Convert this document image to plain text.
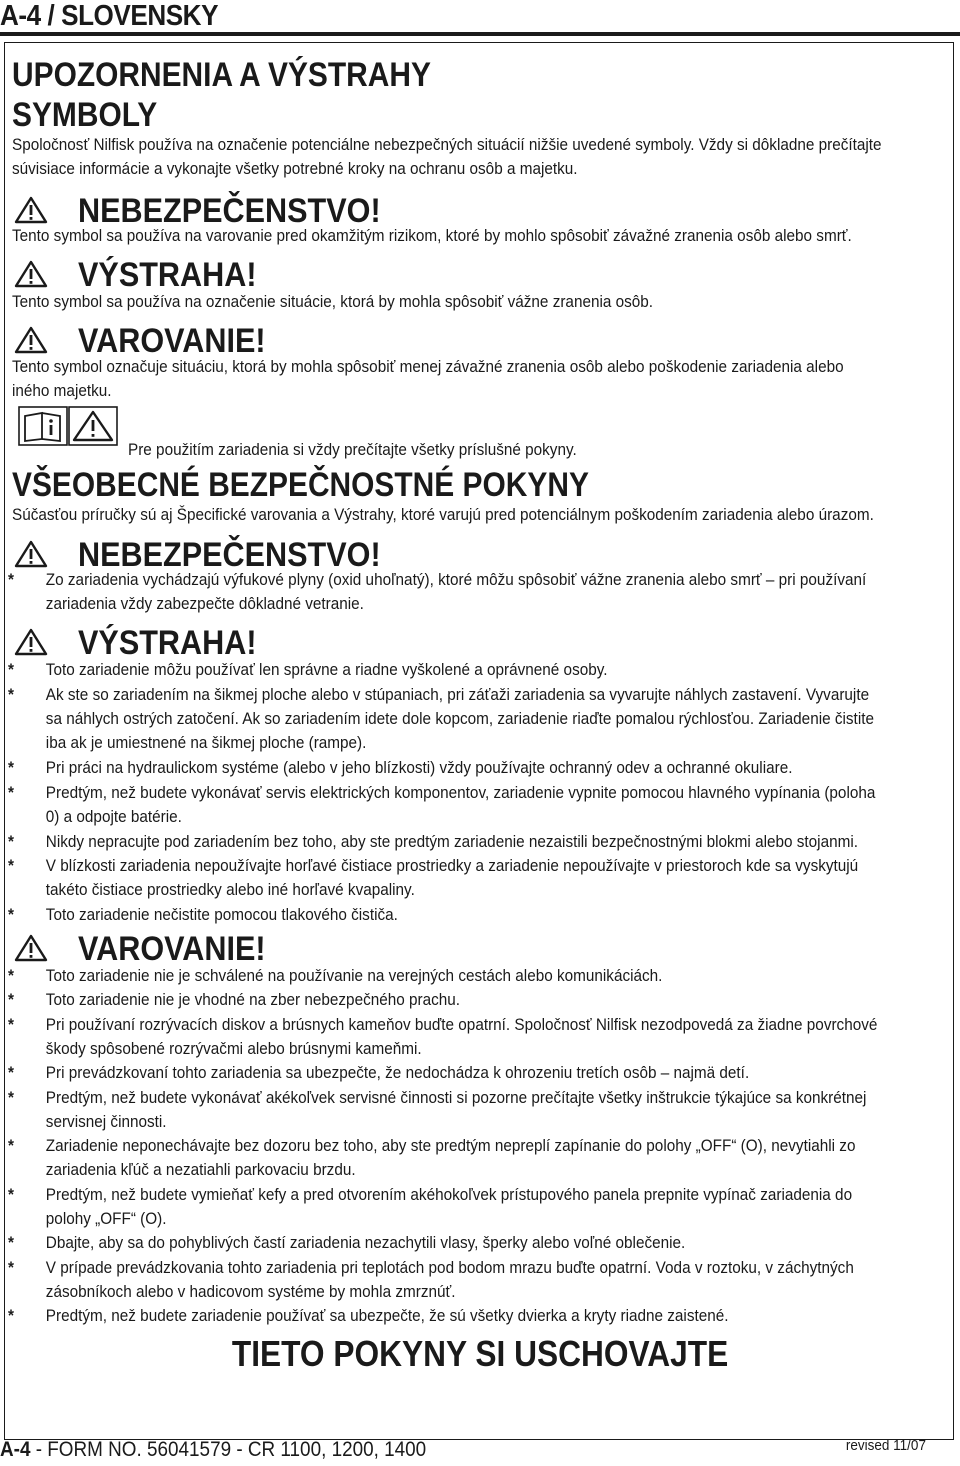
A-4 / SLOVENSKY
UPOZORNENIA A VÝSTRAHY
SYMBOLY
Spoločnosť Nilfisk používa na označenie potenciálne nebezpečných situácií nižšie uvedené symboly. Vždy si dôkladne prečítajte
súvisiace informácie a vykonajte všetky potrebné kroky na ochranu osôb a majetku.
NEBEZPEČENSTVO!
Tento symbol sa používa na varovanie pred okamžitým rizikom, ktoré by mohlo spôsobiť závažné zranenia osôb alebo smrť.
VÝSTRAHA!
Tento symbol sa používa na označenie situácie, ktorá by mohla spôsobiť vážne zranenia osôb.
VAROVANIE!
Tento symbol označuje situáciu, ktorá by mohla spôsobiť menej závažné zranenia osôb alebo poškodenie zariadenia alebo
iného majetku.
Pre použitím zariadenia si vždy prečítajte všetky príslušné pokyny.
VŠEOBECNÉ BEZPEČNOSTNÉ POKYNY
Súčasťou príručky sú aj Špecifické varovania a Výstrahy, ktoré varujú pred potenciálnym poškodením zariadenia alebo úrazom.
NEBEZPEČENSTVO!
* Zo zariadenia vychádzajú výfukové plyny (oxid uhoľnatý), ktoré môžu spôsobiť vážne zranenia alebo smrť – pri používaní
zariadenia vždy zabezpečte dôkladné vetranie.
VÝSTRAHA!
* Toto zariadenie môžu používať len správne a riadne vyškolené a oprávnené osoby.
* Ak ste so zariadením na šikmej ploche alebo v stúpaniach, pri záťaži zariadenia sa vyvarujte náhlych zastavení. Vyvarujte
sa náhlych ostrých zatočení. Ak so zariadením idete dole kopcom, zariadenie riaďte pomalou rýchlosťou. Zariadenie čistite
iba ak je umiestnené na šikmej ploche (rampe).
* Pri práci na hydraulickom systéme (alebo v jeho blízkosti) vždy používajte ochranný odev a ochranné okuliare.
* Predtým, než budete vykonávať servis elektrických komponentov, zariadenie vypnite pomocou hlavného vypínania (poloha
0) a odpojte batérie.
* Nikdy nepracujte pod zariadením bez toho, aby ste predtým zariadenie nezaistili bezpečnostnými blokmi alebo stojanmi.
* V blízkosti zariadenia nepoužívajte horľavé čistiace prostriedky a zariadenie nepoužívajte v priestoroch kde sa vyskytujú
takéto čistiace prostriedky alebo iné horľavé kvapaliny.
* Toto zariadenie nečistite pomocou tlakového čističa.
VAROVANIE!
* Toto zariadenie nie je schválené na používanie na verejných cestách alebo komunikáciách.
* Toto zariadenie nie je vhodné na zber nebezpečného prachu.
* Pri používaní rozrývacích diskov a brúsnych kameňov buďte opatrní. Spoločnosť Nilfisk nezodpovedá za žiadne povrchové
škody spôsobené rozrývačmi alebo brúsnymi kameňmi.
* Pri prevádzkovaní tohto zariadenia sa ubezpečte, že nedochádza k ohrozeniu tretích osôb – najmä detí.
* Predtým, než budete vykonávať akékoľvek servisné činnosti si pozorne prečítajte všetky inštrukcie týkajúce sa konkrétnej
servisnej činnosti.
* Zariadenie neponechávajte bez dozoru bez toho, aby ste predtým nepreplí zapínanie do polohy „OFF“ (O), nevytiahli zo
zariadenia kľúč a nezatiahli parkovaciu brzdu.
* Predtým, než budete vymieňať kefy a pred otvorením akéhokoľvek prístupového panela prepnite vypínač zariadenia do
polohy „OFF“ (O).
* Dbajte, aby sa do pohyblivých častí zariadenia nezachytili vlasy, šperky alebo voľné oblečenie.
* V prípade prevádzkovania tohto zariadenia pri teplotách pod bodom mrazu buďte opatrní. Voda v roztoku, v záchytných
zásobníkoch alebo v hadicovom systéme by mohla zmrznúť.
* Predtým, než budete zariadenie používať sa ubezpečte, že sú všetky dvierka a kryty riadne zaistené.
TIETO POKYNY SI USCHOVAJTE
A-4 - FORM NO. 56041579 - CR 1100, 1200, 1400	revised 11/07
